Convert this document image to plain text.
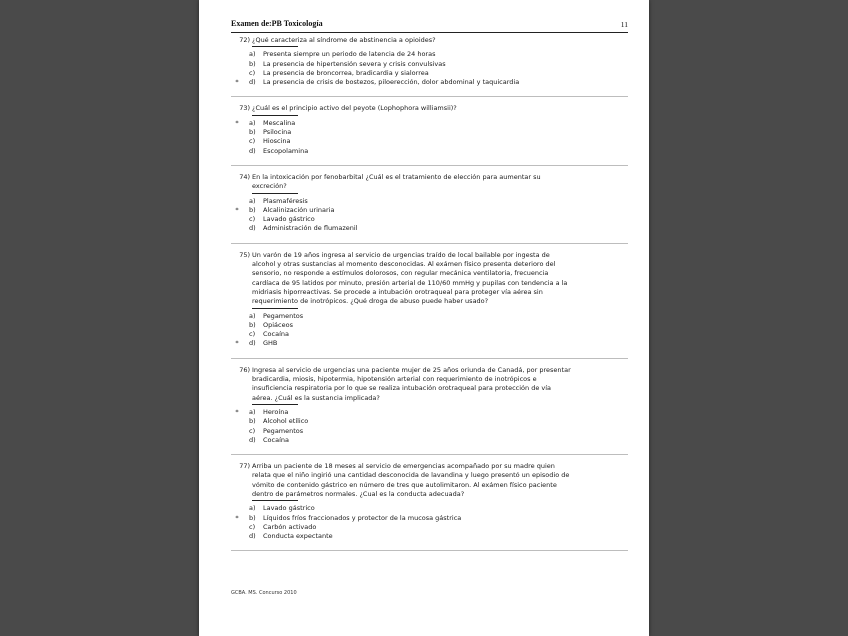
Examen de:PB Toxicología	11
72) ¿Qué caracteriza al síndrome de abstinencia a opioides?
a)	Presenta siempre un periodo de latencia de 24 horas
b)	La presencia de hipertensión severa y crisis convulsivas
c)	La presencia de broncorrea, bradicardia y sialorrea
*	d)	La presencia de crisis de bostezos, piloerección, dolor abdominal y taquicardia
73) ¿Cuál es el principio activo del peyote (Lophophora williamsii)?
*	a)	Mescalina
b)	Psilocina
c)	Hioscina
d)	Escopolamina
74) En la intoxicación por fenobarbital ¿Cuál es el tratamiento de elección para aumentar su excreción?
a)	Plasmaféresis
*	b)	Alcalinización urinaria
c)	Lavado gástrico
d)	Administración de flumazenil
75) Un varón de 19 años ingresa al servicio de urgencias traído de local bailable por ingesta de alcohol y otras sustancias al momento desconocidas. Al exámen físico presenta deterioro del sensorio, no responde a estímulos dolorosos, con regular mecánica ventilatoria, frecuencia cardíaca de 95 latidos por minuto, presión arterial de 110/60 mmHg y pupilas con tendencia a la midriasis hiporreactivas. Se procede a intubación orotraqueal para proteger vía aérea sin requerimiento de inotrópicos. ¿Qué droga de abuso puede haber usado?
a)	Pegamentos
b)	Opiáceos
c)	Cocaína
*	d)	GHB
76) Ingresa al servicio de urgencias una paciente mujer de 25 años oriunda de Canadá, por presentar bradicardia, miosis, hipotermia, hipotensión arterial con requerimiento de inotrópicos e insuficiencia respiratoria por lo que se realiza intubación orotraqueal para protección de vía aérea. ¿Cuál es la sustancia implicada?
*	a)	Heroína
b)	Alcohol etílico
c)	Pegamentos
d)	Cocaína
77) Arriba un paciente de 18 meses al servicio de emergencias acompañado por su madre quien relata que el niño ingirió una cantidad desconocida de lavandina y luego presentó un episodio de vómito de contenido gástrico en número de tres que autolimitaron. Al exámen físico paciente dentro de parámetros normales. ¿Cual es la conducta adecuada?
a)	Lavado gástrico
*	b)	Líquidos fríos fraccionados y protector de la mucosa gástrica
c)	Carbón activado
d)	Conducta expectante
GCBA. MS. Concurso 2010
